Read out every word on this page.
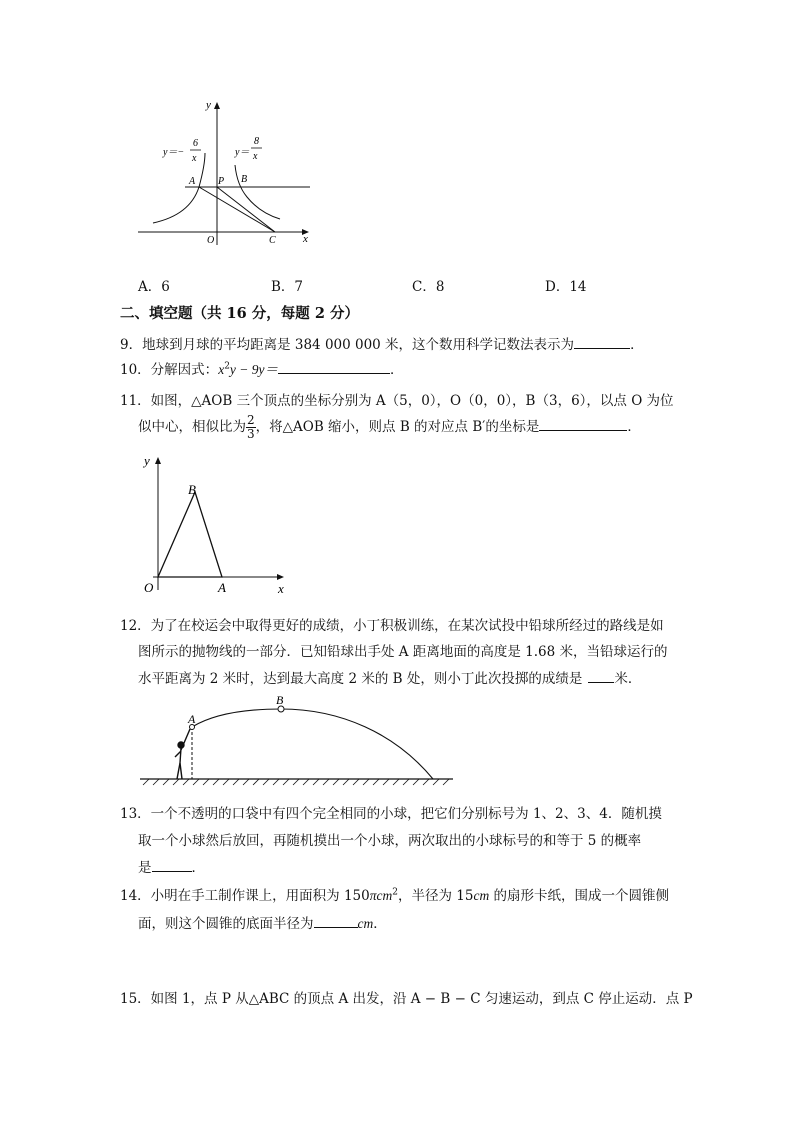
y
x
y＝−
6
x
y＝
8
x
A P B
O	C
A．6	B．7	C．8	D．14
二、填空题（共 16 分，每题 2 分）
9．地球到月球的平均距离是 384 000 000 米，这个数用科学记数法表示为	．
10．分解因式：$x^2y - 9y=$	．
11．如图，△AOB 三个顶点的坐标分别为 A（5，0），O（0，0），B（3，6），以点 O 为位
似中心，相似比为 $\frac{2}{3}$ ，将△AOB 缩小，则点 B 的对应点 B′的坐标是	．
y
x
O	A
B
12．为了在校运会中取得更好的成绩，小丁积极训练，在某次试投中铅球所经过的路线是如
图所示的抛物线的一部分．已知铅球出手处 A 距离地面的高度是 1.68 米，当铅球运行的
水平距离为 2 米时，达到最大高度 2 米的 B 处，则小丁此次投掷的成绩是 米．
A
B
13．一个不透明的口袋中有四个完全相同的小球，把它们分别标号为 1、2、3、4．随机摸
取一个小球然后放回，再随机摸出一个小球，两次取出的小球标号的和等于 5 的概率
是	．
14．小明在手工制作课上，用面积为 150πcm$^2$，半径为 15cm 的扇形卡纸，围成一个圆锥侧
面，则这个圆锥的底面半径为	cm．
15．如图 1，点 P 从△ABC 的顶点 A 出发，沿 A − B − C 匀速运动，到点 C 停止运动．点 P
